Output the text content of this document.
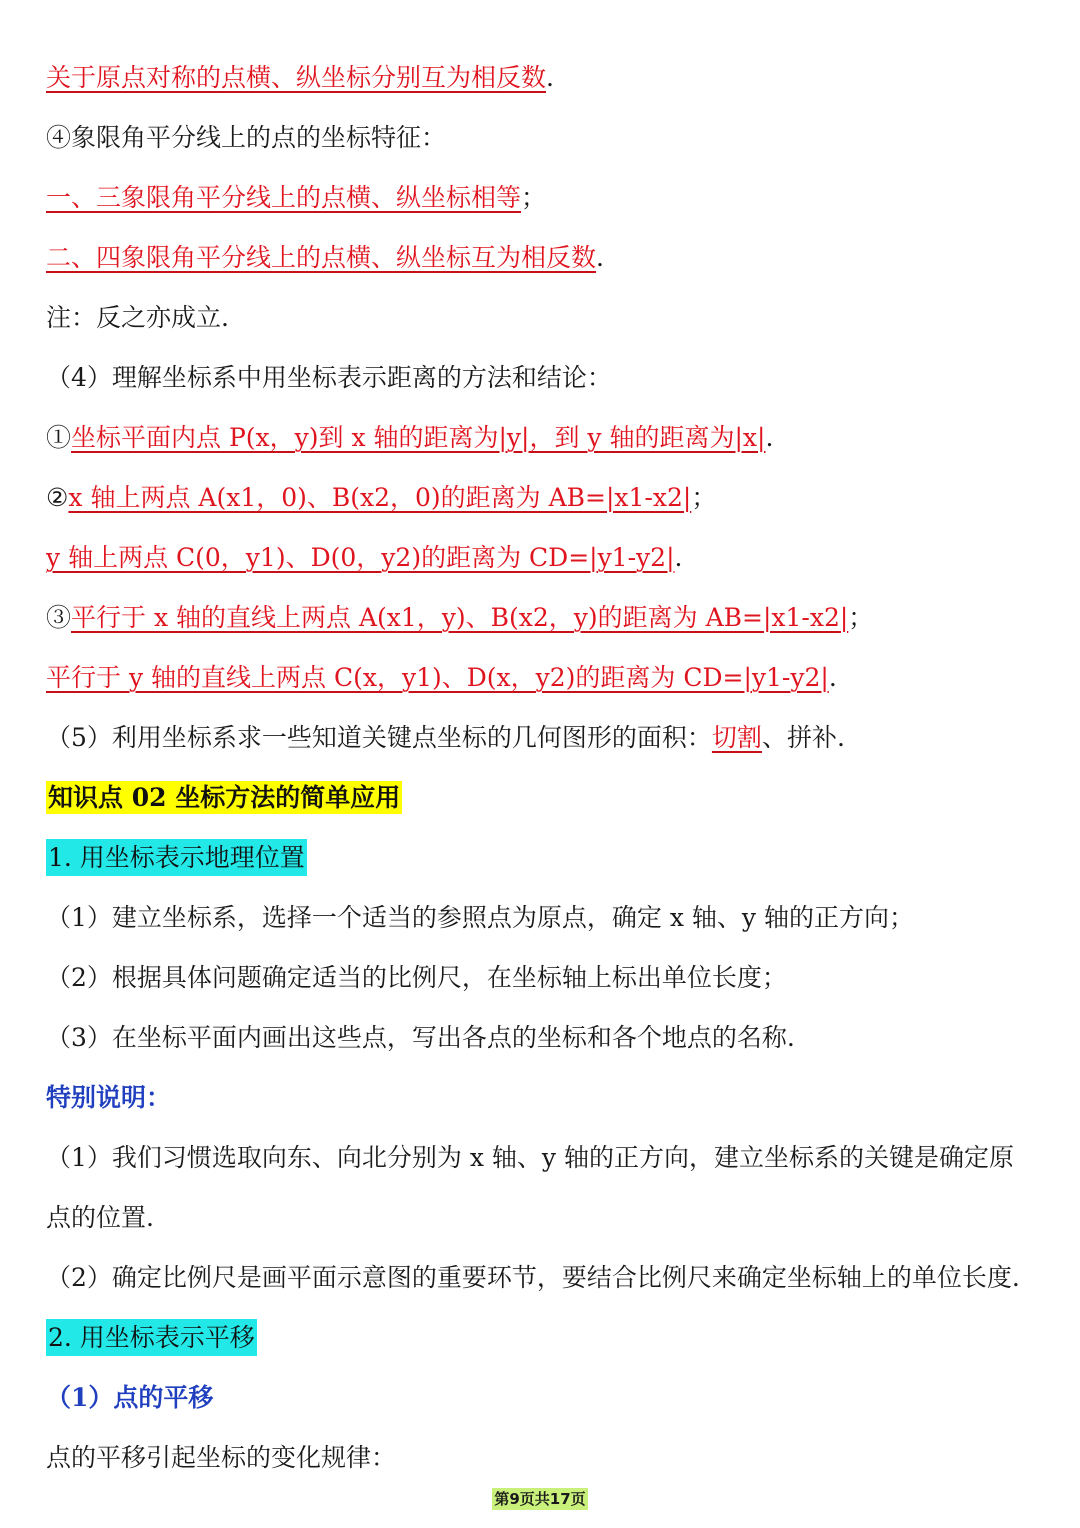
关于原点对称的点横、纵坐标分别互为相反数.
④象限角平分线上的点的坐标特征：
一、三象限角平分线上的点横、纵坐标相等；
二、四象限角平分线上的点横、纵坐标互为相反数.
注：反之亦成立.
（4）理解坐标系中用坐标表示距离的方法和结论：
①坐标平面内点 P(x，y)到 x 轴的距离为|y|，到 y 轴的距离为|x|.
②x 轴上两点 A(x1，0)、B(x2，0)的距离为 AB=|x1-x2|；
y 轴上两点 C(0，y1)、D(0，y2)的距离为 CD=|y1-y2|.
③平行于 x 轴的直线上两点 A(x1，y)、B(x2，y)的距离为 AB=|x1-x2|；
平行于 y 轴的直线上两点 C(x，y1)、D(x，y2)的距离为 CD=|y1-y2|.
（5）利用坐标系求一些知道关键点坐标的几何图形的面积：切割、拼补.
知识点 02 坐标方法的简单应用
1. 用坐标表示地理位置
（1）建立坐标系，选择一个适当的参照点为原点，确定 x 轴、y 轴的正方向；
（2）根据具体问题确定适当的比例尺，在坐标轴上标出单位长度；
（3）在坐标平面内画出这些点，写出各点的坐标和各个地点的名称.
特别说明：
（1）我们习惯选取向东、向北分别为 x 轴、y 轴的正方向，建立坐标系的关键是确定原
点的位置.
（2）确定比例尺是画平面示意图的重要环节，要结合比例尺来确定坐标轴上的单位长度.
2. 用坐标表示平移
（1）点的平移
点的平移引起坐标的变化规律：
第9页共17页
